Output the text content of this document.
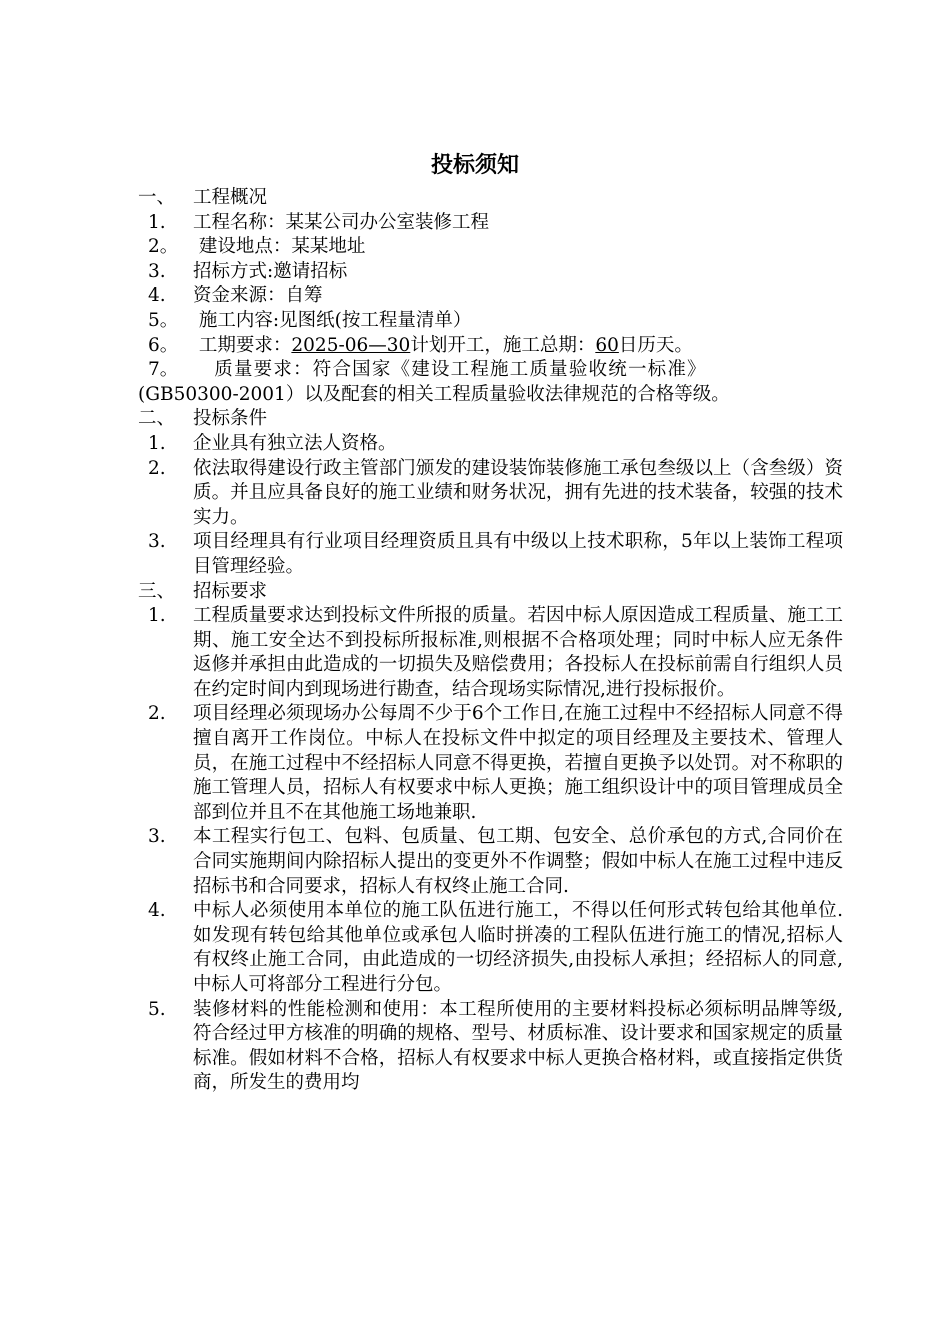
投标须知
一、 工程概况
1.	工程名称：某某公司办公室装修工程
2。 建设地点：某某地址
3.	招标方式:邀请招标
4.	资金来源：自筹
5。 施工内容:见图纸(按工程量清单）
6。 工期要求：2025-06—30计划开工，施工总期：60日历天。
7。 质量要求：符合国家《建设工程施工质量验收统一标准》
(GB50300-2001）以及配套的相关工程质量验收法律规范的合格等级。
二、 投标条件
1.	企业具有独立法人资格。
2.	依法取得建设行政主管部门颁发的建设装饰装修施工承包叁级以上（含叁级）资质。并且应具备良好的施工业绩和财务状况，拥有先进的技术装备，较强的技术实力。
3.	项目经理具有行业项目经理资质且具有中级以上技术职称，5年以上装饰工程项目管理经验。
三、 招标要求
1.	工程质量要求达到投标文件所报的质量。若因中标人原因造成工程质量、施工工期、施工安全达不到投标所报标准,则根据不合格项处理；同时中标人应无条件返修并承担由此造成的一切损失及赔偿费用；各投标人在投标前需自行组织人员在约定时间内到现场进行勘查，结合现场实际情况,进行投标报价。
2.	项目经理必须现场办公每周不少于6个工作日,在施工过程中不经招标人同意不得擅自离开工作岗位。中标人在投标文件中拟定的项目经理及主要技术、管理人员，在施工过程中不经招标人同意不得更换，若擅自更换予以处罚。对不称职的施工管理人员，招标人有权要求中标人更换；施工组织设计中的项目管理成员全部到位并且不在其他施工场地兼职.
3.	本工程实行包工、包料、包质量、包工期、包安全、总价承包的方式,合同价在合同实施期间内除招标人提出的变更外不作调整；假如中标人在施工过程中违反招标书和合同要求，招标人有权终止施工合同.
4.	中标人必须使用本单位的施工队伍进行施工，不得以任何形式转包给其他单位.如发现有转包给其他单位或承包人临时拼凑的工程队伍进行施工的情况,招标人有权终止施工合同，由此造成的一切经济损失,由投标人承担；经招标人的同意,中标人可将部分工程进行分包。
5.	装修材料的性能检测和使用：本工程所使用的主要材料投标必须标明品牌等级,符合经过甲方核准的明确的规格、型号、材质标准、设计要求和国家规定的质量标准。假如材料不合格，招标人有权要求中标人更换合格材料，或直接指定供货商，所发生的费用均
